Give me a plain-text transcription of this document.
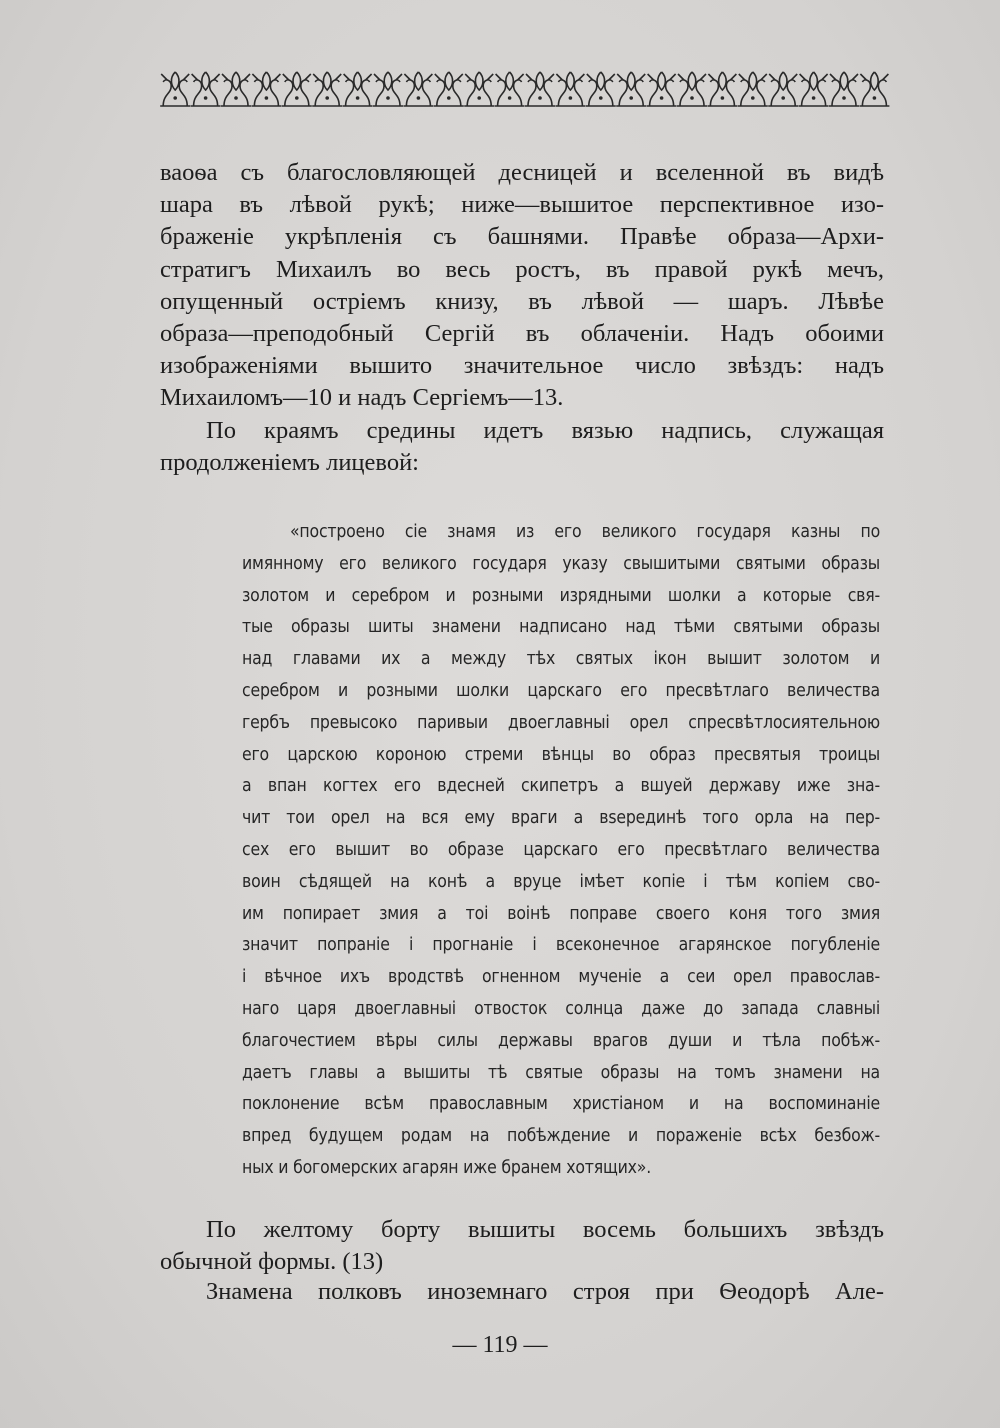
ваоѳа съ благословляющей десницей и вселенной въ видѣ
шара въ лѣвой рукѣ; ниже—вышитое перспективное изо-
браженіе укрѣпленія съ башнями. Правѣе образа—Архи-
стратигъ Михаилъ во весь ростъ, въ правой рукѣ мечъ,
опущенный остріемъ книзу, въ лѣвой — шаръ. Лѣвѣе
образа—преподобный Сергій въ облаченіи. Надъ обоими
изображеніями вышито значительное число звѣздъ: надъ
Михаиломъ—10 и надъ Сергіемъ—13.
По краямъ средины идетъ вязью надпись, служащая
продолженіемъ лицевой:
«построено сіе знамя из его великого государя казны по
имянному его великого государя указу свышитыми святыми образы
золотом и серебром и розными изрядными шолки а которые свя-
тые образы шиты знамени надписано над тѣми святыми образы
над главами их а между тѣх святых ікон вышит золотом и
серебром и розными шолки царскаго его пресвѣтлаго величества
гербъ превысоко паривыи двоеглавныі орел спресвѣтлосиятельною
его царскою короною стреми вѣнцы во образ пресвятыя троицы
а впан когтех его вдесней скипетръ а вшуей державу иже зна-
чит тои орел на вся ему враги а вseрединѣ того орла на пер-
сех его вышит во образе царскаго его пресвѣтлаго величества
воин сѣдящей на конѣ а вруце імѣет копіе і тѣм копіем сво-
им попирает змия а тоі воінѣ поправе своего коня того змия
значит попраніе і прогнаніе і всеконечное агарянское погубленіе
і вѣчное ихъ вродствѣ огненном мученіе а сеи орел православ-
наго царя двоеглавныі отвосток солнца даже до запада славныі
благочестием вѣры силы державы врагов души и тѣла побѣж-
даетъ главы а вышиты тѣ святые образы на томъ знамени на
поклонение всѣм православным христіаном и на воспоминаніе
впред будущем родам на побѣждение и пораженіе всѣх безбож-
ных и богомерских агарян иже бранем хотящих».
По желтому борту вышиты восемь большихъ звѣздъ
обычной формы. (13)
Знамена полковъ иноземнаго строя при Ѳеодорѣ Але-
— 119 —
